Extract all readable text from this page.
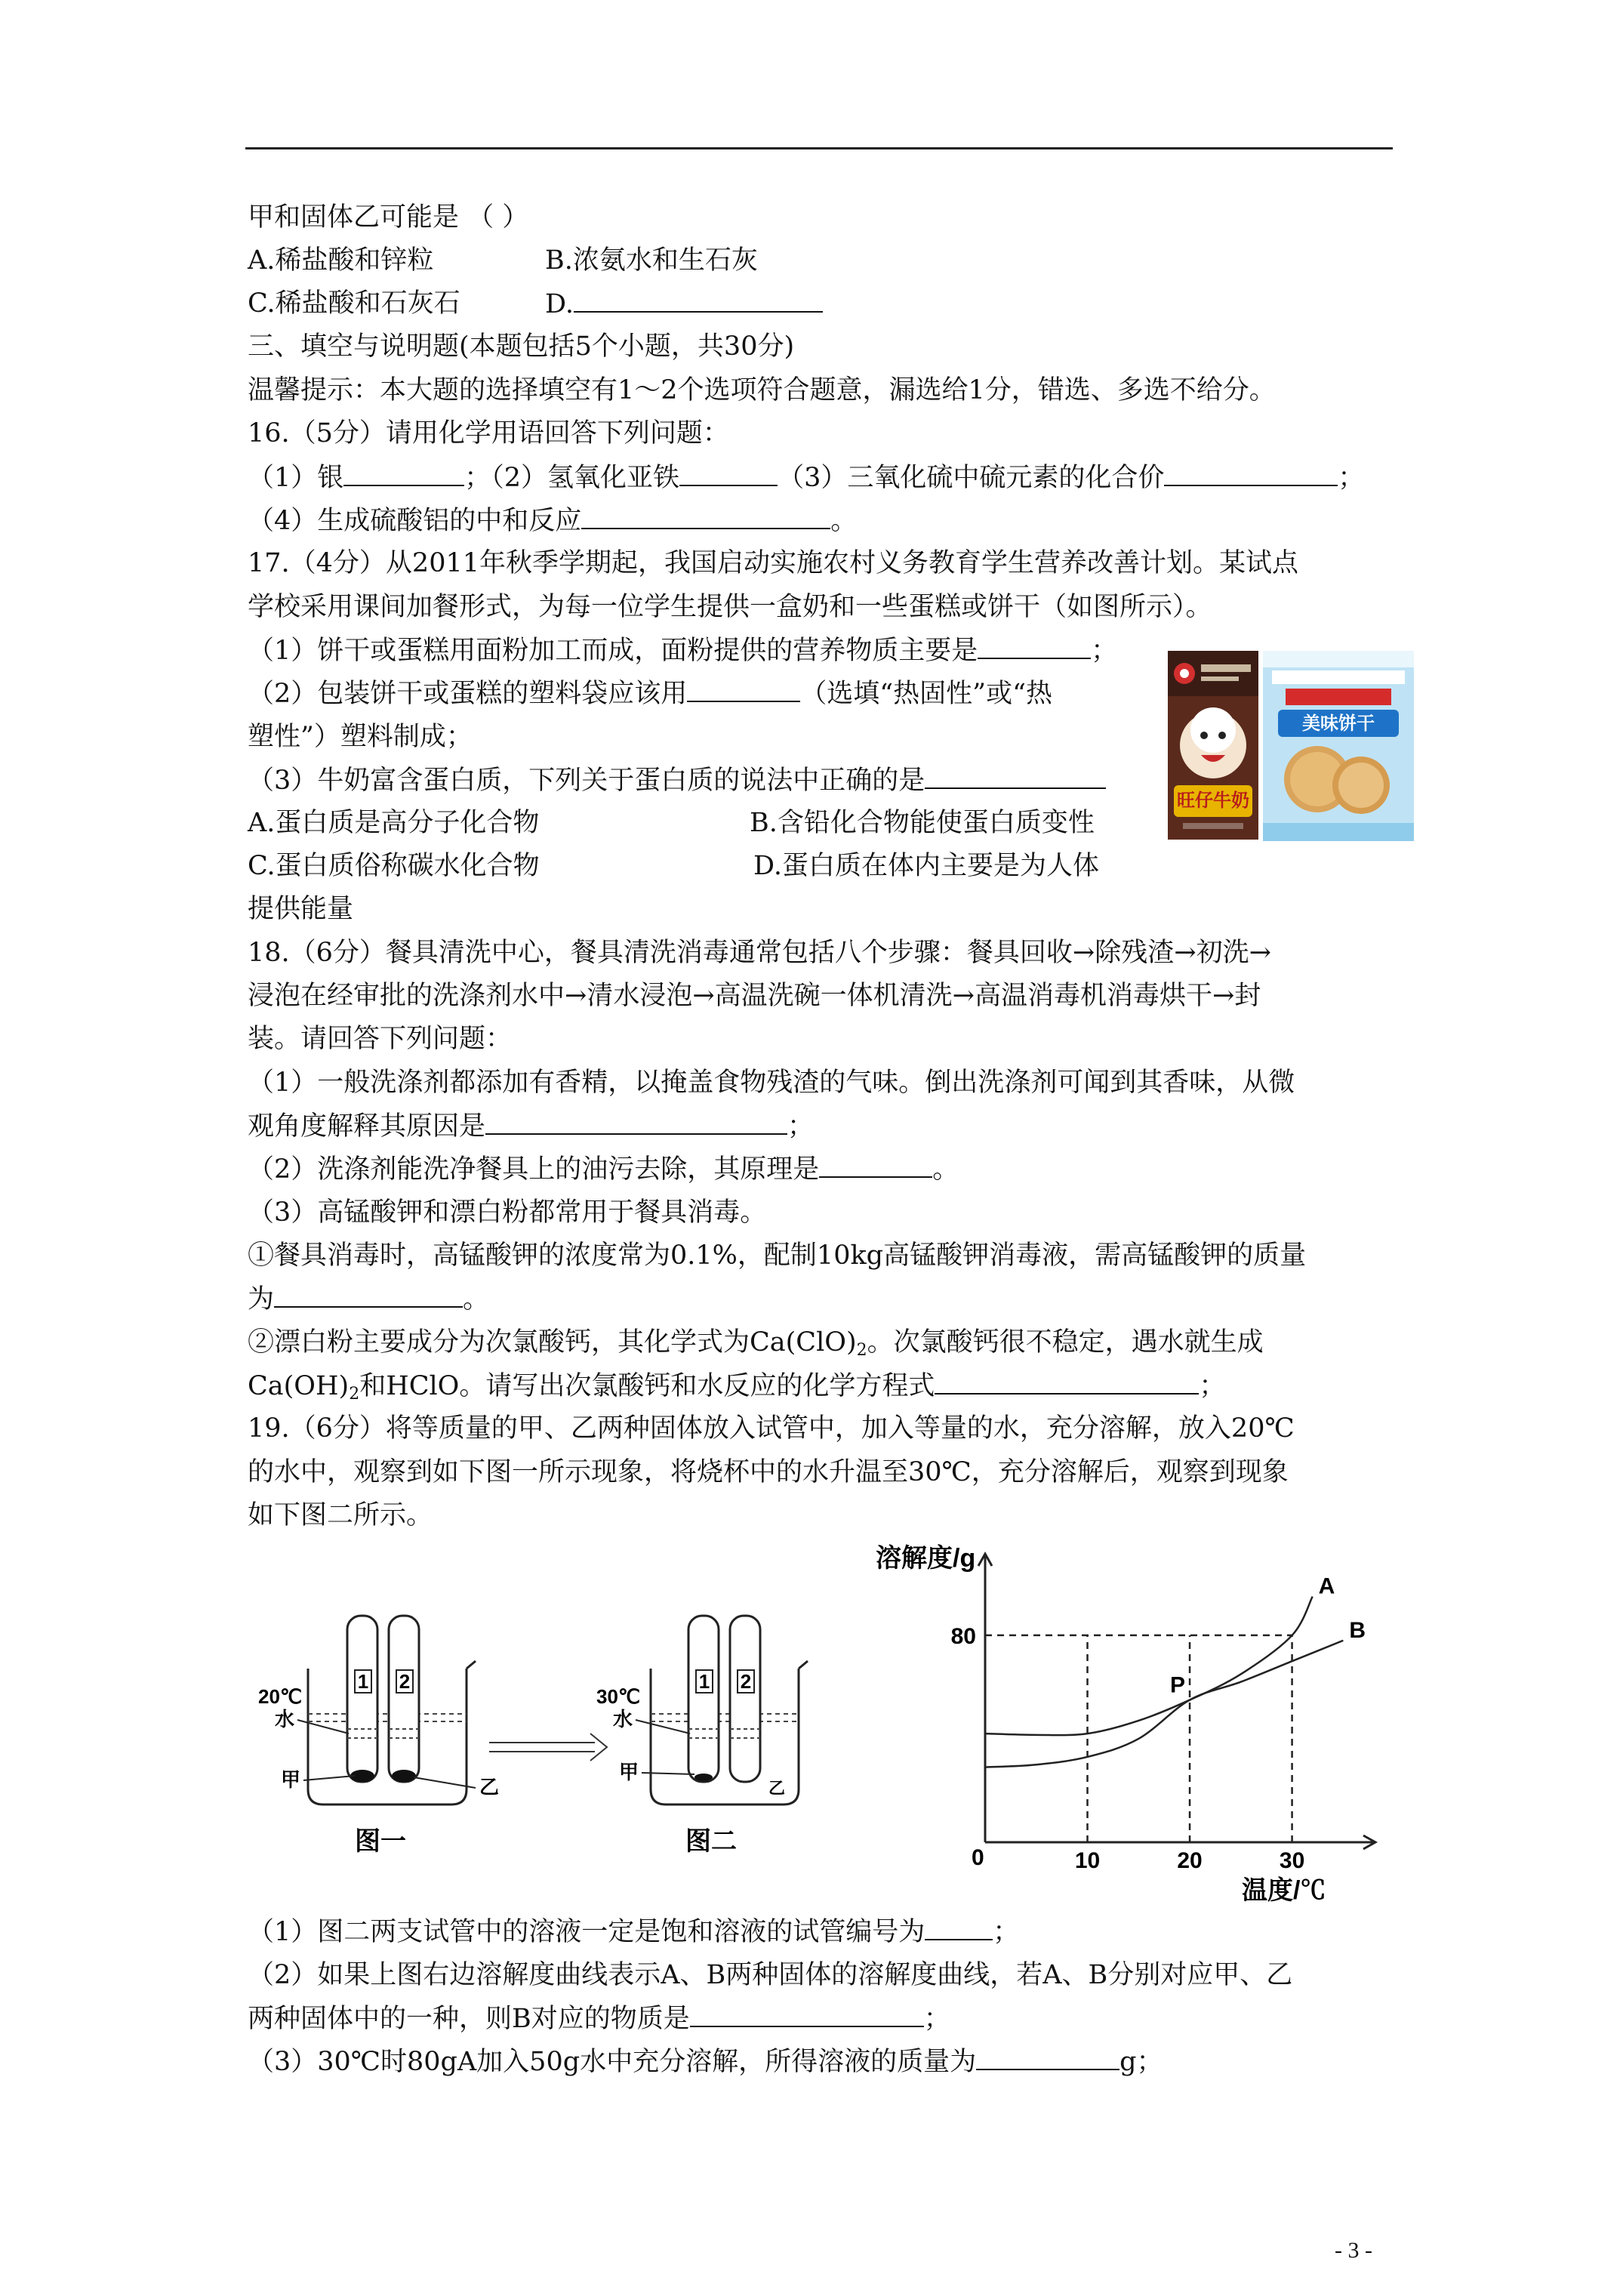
甲和固体乙可能是 （ ）
A.稀盐酸和锌粒	B.浓氨水和生石灰
C.稀盐酸和石灰石	D.
三、填空与说明题(本题包括5个小题，共30分)
温馨提示：本大题的选择填空有1～2个选项符合题意，漏选给1分，错选、多选不给分。
16.（5分）请用化学用语回答下列问题：
（1）银	；（2）氢氧化亚铁	（3）三氧化硫中硫元素的化合价	；
（4）生成硫酸铝的中和反应	。
17.（4分）从2011年秋季学期起，我国启动实施农村义务教育学生营养改善计划。某试点
学校采用课间加餐形式，为每一位学生提供一盒奶和一些蛋糕或饼干（如图所示）。
（1）饼干或蛋糕用面粉加工而成，面粉提供的营养物质主要是	；
（2）包装饼干或蛋糕的塑料袋应该用	（选填“热固性”或“热
塑性”）塑料制成；
（3）牛奶富含蛋白质，下列关于蛋白质的说法中正确的是
A.蛋白质是高分子化合物	B.含铅化合物能使蛋白质变性
C.蛋白质俗称碳水化合物	D.蛋白质在体内主要是为人体
提供能量
旺仔牛奶
美味饼干
18.（6分）餐具清洗中心，餐具清洗消毒通常包括八个步骤：餐具回收→除残渣→初洗→
浸泡在经审批的洗涤剂水中→清水浸泡→高温洗碗一体机清洗→高温消毒机消毒烘干→封
装。请回答下列问题：
（1）一般洗涤剂都添加有香精，以掩盖食物残渣的气味。倒出洗涤剂可闻到其香味，从微
观角度解释其原因是	；
（2）洗涤剂能洗净餐具上的油污去除，其原理是	。
（3）高锰酸钾和漂白粉都常用于餐具消毒。
①餐具消毒时，高锰酸钾的浓度常为0.1%，配制10kg高锰酸钾消毒液，需高锰酸钾的质量
为	。
②漂白粉主要成分为次氯酸钙，其化学式为$Ca(ClO)_2$。次氯酸钙很不稳定，遇水就生成
$Ca(OH)_2$和HClO。请写出次氯酸钙和水反应的化学方程式	；
19.（6分）将等质量的甲、乙两种固体放入试管中，加入等量的水，充分溶解，放入20℃
的水中，观察到如下图一所示现象，将烧杯中的水升温至30℃，充分溶解后，观察到现象
如下图二所示。
1 2
20℃
水
甲	乙
图一
1 2
30℃
水
甲
乙
图二
溶解度/g
温度/℃
0	10	20	30
80
A
B
P
（1）图二两支试管中的溶液一定是饱和溶液的试管编号为	；
（2）如果上图右边溶解度曲线表示A、B两种固体的溶解度曲线，若A、B分别对应甲、乙
两种固体中的一种，则B对应的物质是	；
（3）30℃时80gA加入50g水中充分溶解，所得溶液的质量为	g；
- 3 -
